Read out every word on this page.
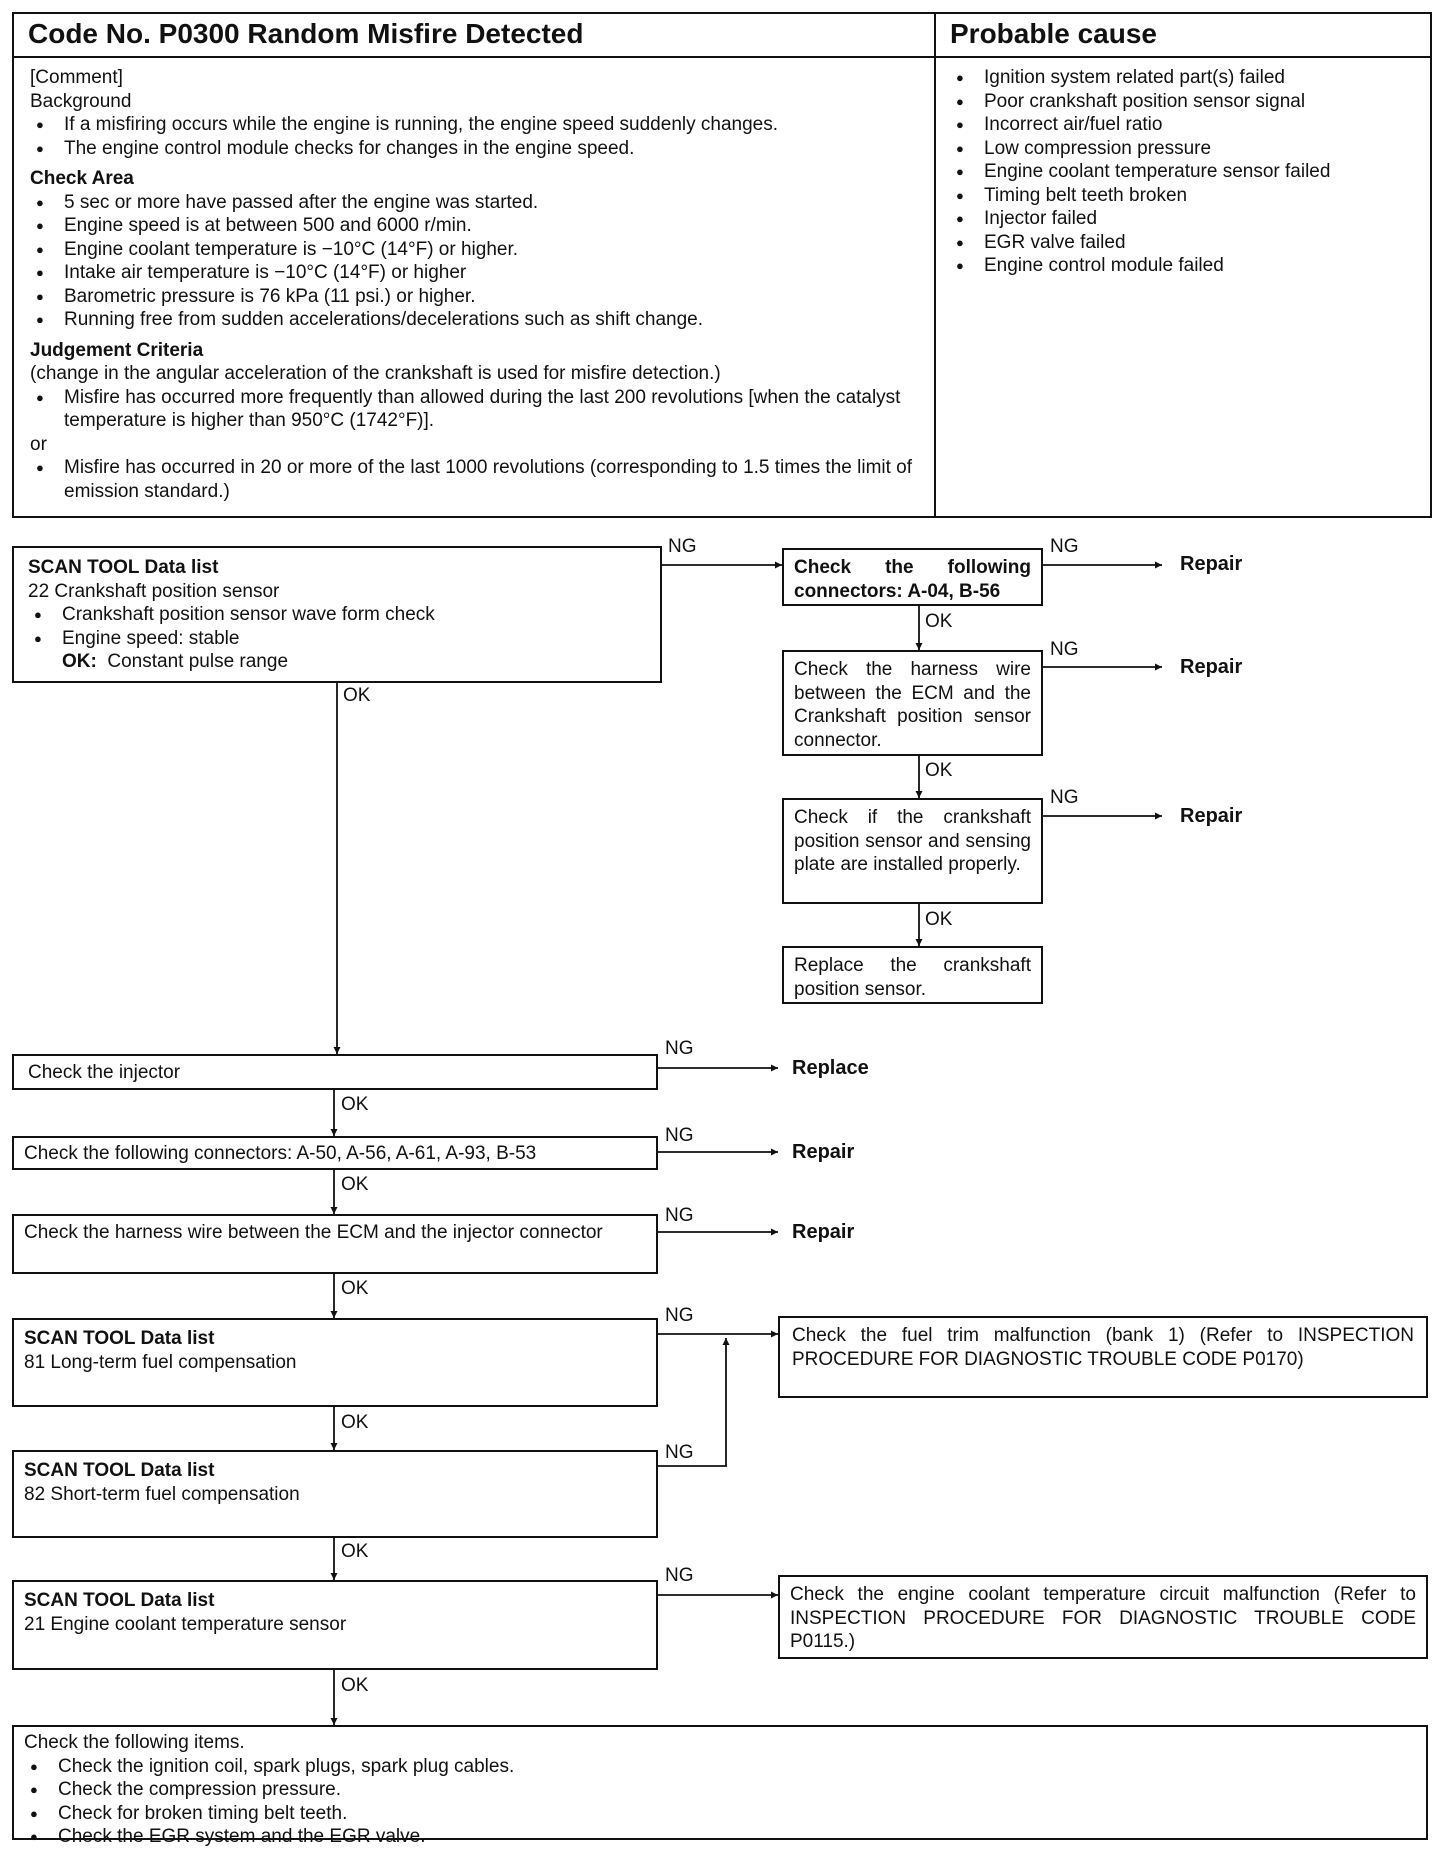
Code No. P0300 Random Misfire Detected	Probable cause
[Comment]
Background
● If a misfiring occurs while the engine is running, the engine speed suddenly changes.
● The engine control module checks for changes in the engine speed.
Check Area
● 5 sec or more have passed after the engine was started.
● Engine speed is at between 500 and 6000 r/min.
● Engine coolant temperature is −10°C (14°F) or higher.
● Intake air temperature is −10°C (14°F) or higher
● Barometric pressure is 76 kPa (11 psi.) or higher.
● Running free from sudden accelerations/decelerations such as shift change.
Judgement Criteria
(change in the angular acceleration of the crankshaft is used for misfire detection.)
● Misfire has occurred more frequently than allowed during the last 200 revolutions [when the catalyst temperature is higher than 950°C (1742°F)].
or
● Misfire has occurred in 20 or more of the last 1000 revolutions (corresponding to 1.5 times the limit of emission standard.)
● Ignition system related part(s) failed
● Poor crankshaft position sensor signal
● Incorrect air/fuel ratio
● Low compression pressure
● Engine coolant temperature sensor failed
● Timing belt teeth broken
● Injector failed
● EGR valve failed
● Engine control module failed
SCAN TOOL Data list
22 Crankshaft position sensor
● Crankshaft position sensor wave form check
● Engine speed: stable
OK: Constant pulse range
Check the following connectors: A-04, B-56
Check the harness wire between the ECM and the Crankshaft position sensor connector.
Check if the crankshaft position sensor and sensing plate are installed properly.
Replace the crankshaft position sensor.
Check the injector
Check the following connectors: A-50, A-56, A-61, A-93, B-53
Check the harness wire between the ECM and the injector connector
SCAN TOOL Data list
81 Long-term fuel compensation
SCAN TOOL Data list
82 Short-term fuel compensation
SCAN TOOL Data list
21 Engine coolant temperature sensor
Check the fuel trim malfunction (bank 1) (Refer to INSPECTION PROCEDURE FOR DIAGNOSTIC TROUBLE CODE P0170)
Check the engine coolant temperature circuit malfunction (Refer to INSPECTION PROCEDURE FOR DIAGNOSTIC TROUBLE CODE P0115.)
Check the following items.
● Check the ignition coil, spark plugs, spark plug cables.
● Check the compression pressure.
● Check for broken timing belt teeth.
● Check the EGR system and the EGR valve.
Repair
Repair
Repair
Replace
Repair
Repair
NG	NG
NG
NG
NG
NG
NG
NG
NG
NG
OK
OK
OK
OK
OK
OK
OK
OK
OK
OK
